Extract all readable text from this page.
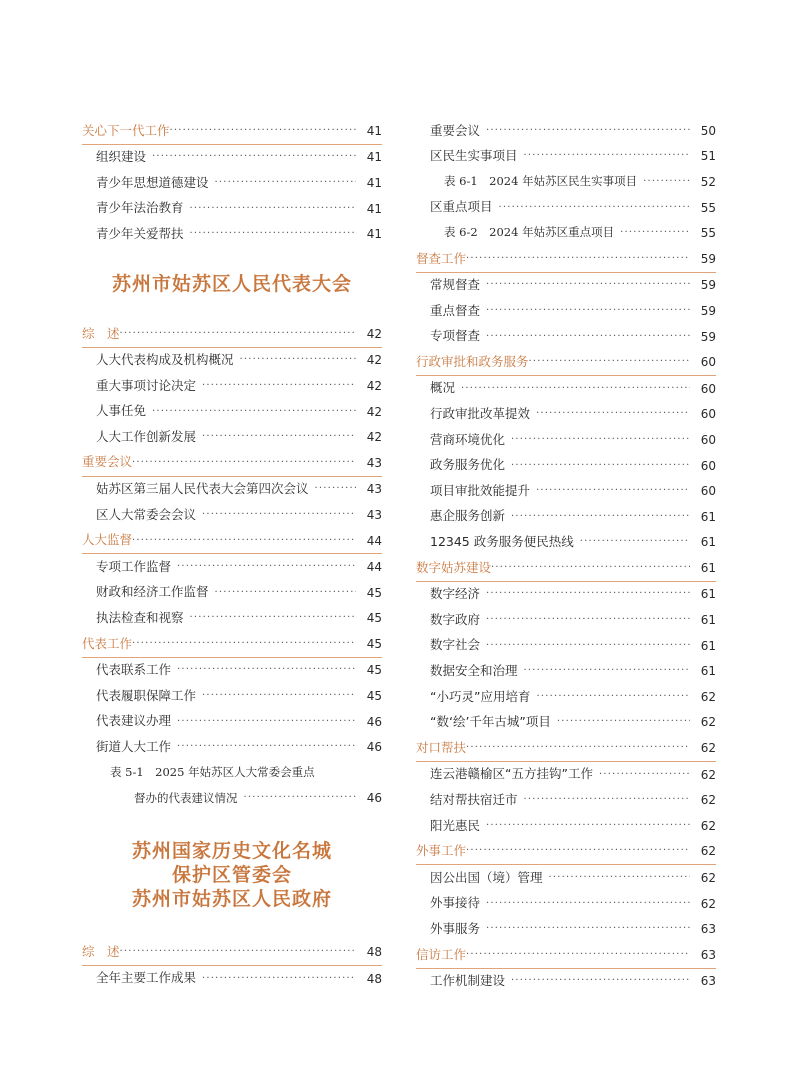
关心下一代工作 ·····	41
组织建设 ·····	41
青少年思想道德建设 ·····	41
青少年法治教育 ·····	41
青少年关爱帮扶 ·····	41
苏州市姑苏区人民代表大会
综　述 ·····	42
人大代表构成及机构概况 ·····	42
重大事项讨论决定 ·····	42
人事任免 ·····	42
人大工作创新发展 ·····	42
重要会议 ·····	43
姑苏区第三届人民代表大会第四次会议 ·····	43
区人大常委会会议 ·····	43
人大监督 ·····	44
专项工作监督 ·····	44
财政和经济工作监督 ·····	45
执法检查和视察 ·····	45
代表工作 ·····	45
代表联系工作 ·····	45
代表履职保障工作 ·····	45
代表建议办理 ·····	46
街道人大工作 ·····	46
表 5-1　2025 年姑苏区人大常委会重点
督办的代表建议情况 ·····	46
苏州国家历史文化名城
保护区管委会
苏州市姑苏区人民政府
综　述 ·····	48
全年主要工作成果 ·····	48
重要会议 ·····	50
区民生实事项目 ·····	51
表 6-1　2024 年姑苏区民生实事项目 ·····	52
区重点项目 ·····	55
表 6-2　2024 年姑苏区重点项目 ·····	55
督查工作 ·····	59
常规督查 ·····	59
重点督查 ·····	59
专项督查 ·····	59
行政审批和政务服务 ·····	60
概况 ·····	60
行政审批改革提效 ·····	60
营商环境优化 ·····	60
政务服务优化 ·····	60
项目审批效能提升 ·····	60
惠企服务创新 ·····	61
12345 政务服务便民热线 ·····	61
数字姑苏建设 ·····	61
数字经济 ·····	61
数字政府 ·····	61
数字社会 ·····	61
数据安全和治理 ·····	61
“小巧灵”应用培育 ·····	62
“数‘绘’千年古城”项目 ·····	62
对口帮扶 ·····	62
连云港赣榆区“五方挂钩”工作 ·····	62
结对帮扶宿迁市 ·····	62
阳光惠民 ·····	62
外事工作 ·····	62
因公出国（境）管理 ·····	62
外事接待 ·····	62
外事服务 ·····	63
信访工作 ·····	63
工作机制建设 ·····	63
